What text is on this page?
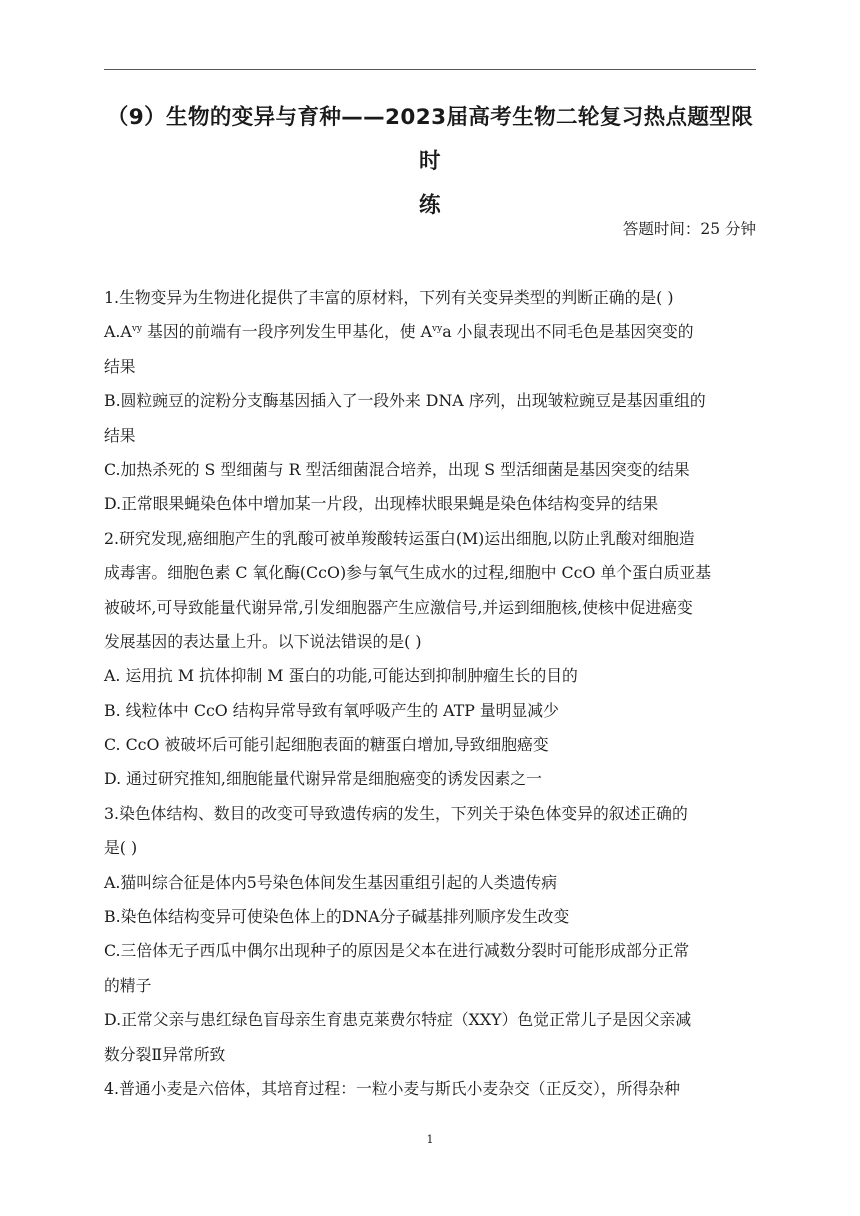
（9）生物的变异与育种——2023届高考生物二轮复习热点题型限时
练
答题时间：25 分钟
1.生物变异为生物进化提供了丰富的原材料，下列有关变异类型的判断正确的是( )
$A.A^{vy}$ 基因的前端有一段序列发生甲基化，使 $A^{vy}a$ 小鼠表现出不同毛色是基因突变的
结果
B.圆粒豌豆的淀粉分支酶基因插入了一段外来 DNA 序列，出现皱粒豌豆是基因重组的
结果
C.加热杀死的 S 型细菌与 R 型活细菌混合培养，出现 S 型活细菌是基因突变的结果
D.正常眼果蝇染色体中增加某一片段，出现棒状眼果蝇是染色体结构变异的结果
2.研究发现,癌细胞产生的乳酸可被单羧酸转运蛋白(M)运出细胞,以防止乳酸对细胞造
成毒害。细胞色素 C 氧化酶(CcO)参与氧气生成水的过程,细胞中 CcO 单个蛋白质亚基
被破坏,可导致能量代谢异常,引发细胞器产生应激信号,并运到细胞核,使核中促进癌变
发展基因的表达量上升。以下说法错误的是( )
A. 运用抗 M 抗体抑制 M 蛋白的功能,可能达到抑制肿瘤生长的目的
B. 线粒体中 CcO 结构异常导致有氧呼吸产生的 ATP 量明显减少
C. CcO 被破坏后可能引起细胞表面的糖蛋白增加,导致细胞癌变
D. 通过研究推知,细胞能量代谢异常是细胞癌变的诱发因素之一
3.染色体结构、数目的改变可导致遗传病的发生，下列关于染色体变异的叙述正确的
是( )
A.猫叫综合征是体内5号染色体间发生基因重组引起的人类遗传病
B.染色体结构变异可使染色体上的DNA分子碱基排列顺序发生改变
C.三倍体无子西瓜中偶尔出现种子的原因是父本在进行减数分裂时可能形成部分正常
的精子
D.正常父亲与患红绿色盲母亲生育患克莱费尔特症（XXY）色觉正常儿子是因父亲减
数分裂Ⅱ异常所致
4.普通小麦是六倍体，其培育过程：一粒小麦与斯氏小麦杂交（正反交），所得杂种
1
